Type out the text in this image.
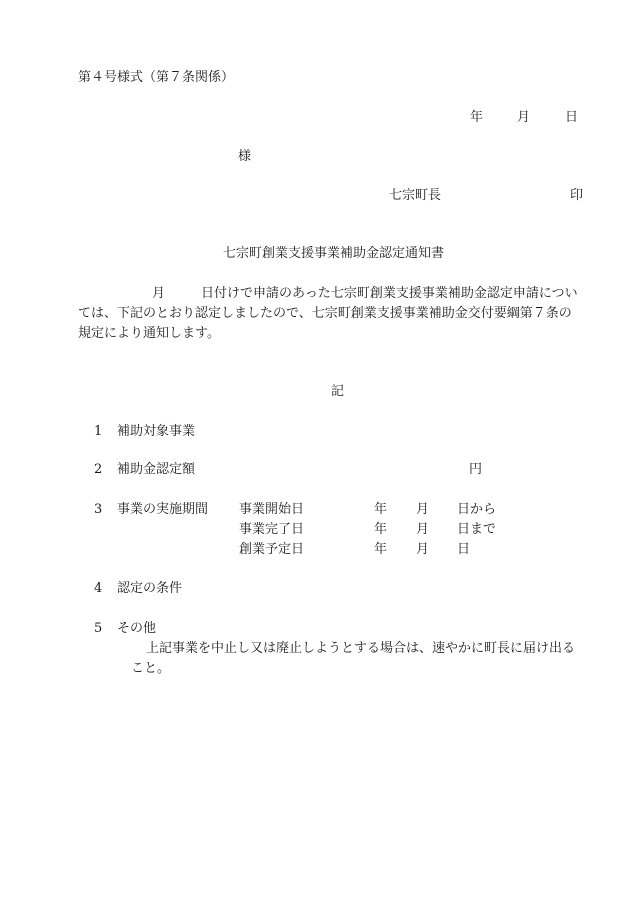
第４号様式（第７条関係）
年	月	日
様
七宗町長	印
七宗町創業支援事業補助金認定通知書
月	日付けで申請のあった七宗町創業支援事業補助金認定申請につい
ては、下記のとおり認定しましたので、七宗町創業支援事業補助金交付要綱第７条の
規定により通知します。
記
1 補助対象事業
2 補助金認定額	円
3 事業の実施期間 事業開始日	年 月 日から
事業完了日	年 月 日まで
創業予定日	年 月 日
4 認定の条件
5 その他
上記事業を中止し又は廃止しようとする場合は、速やかに町長に届け出る
こと。
